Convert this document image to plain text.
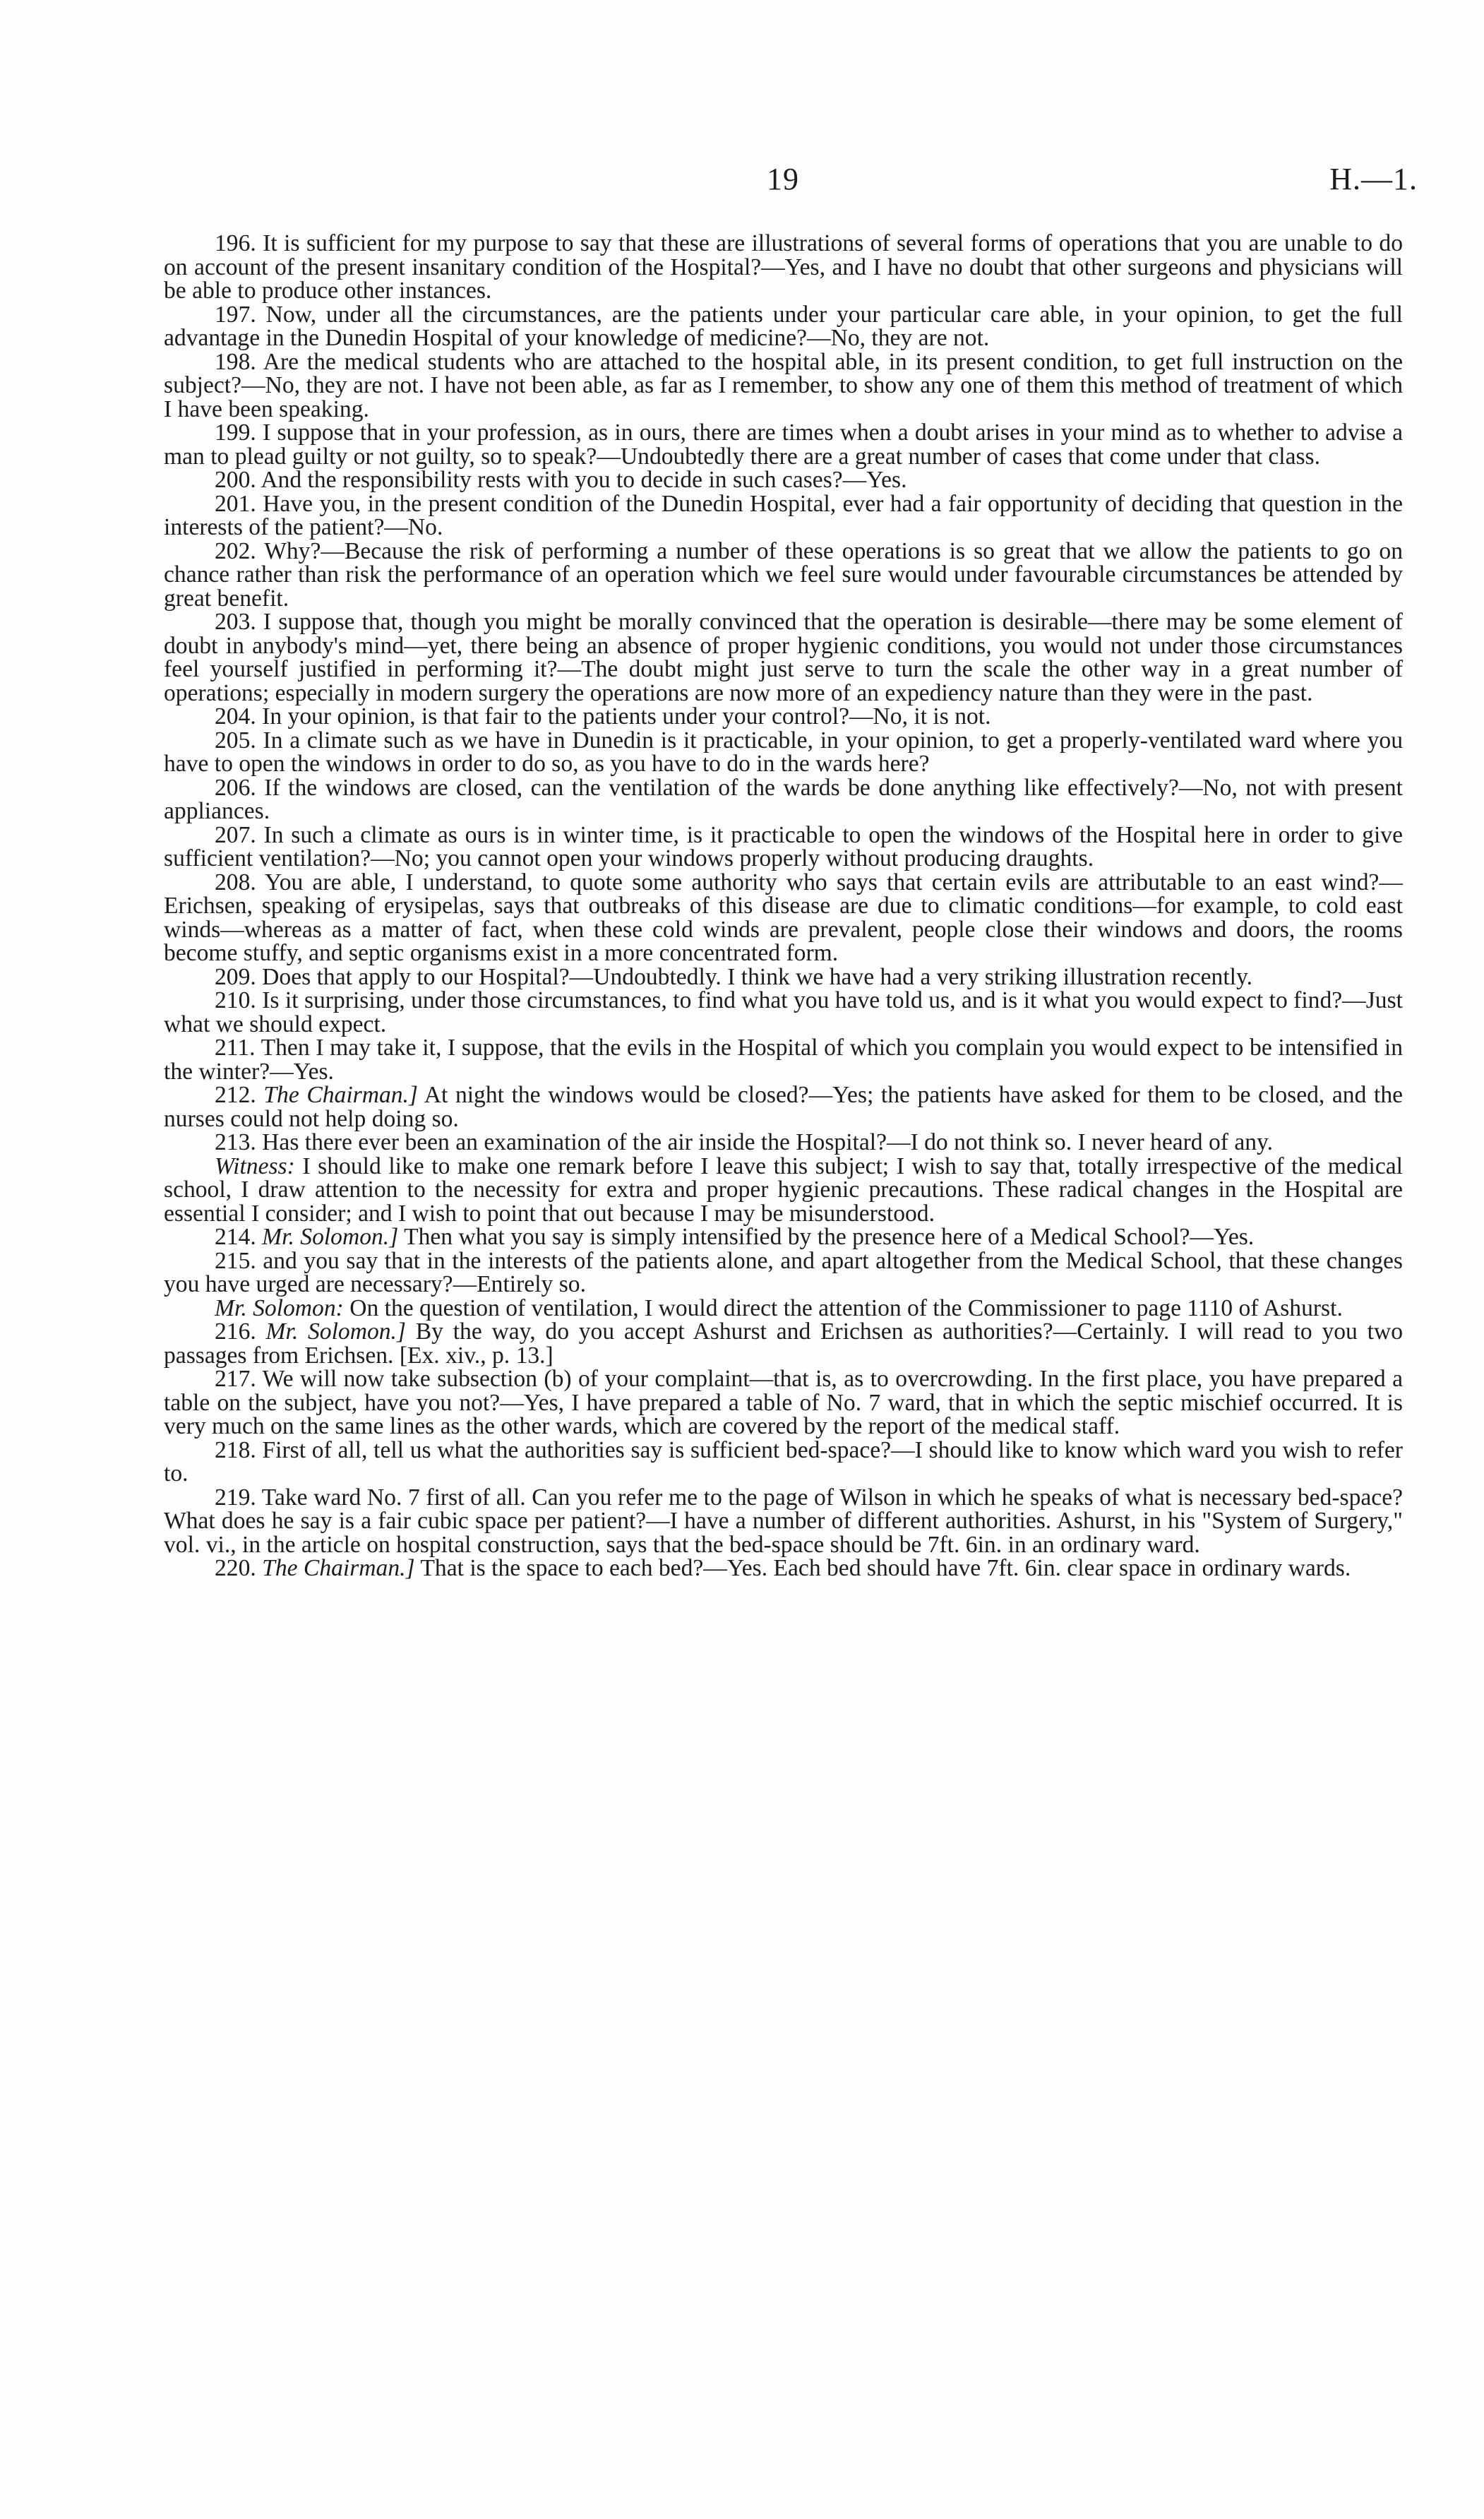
19	H.—1.

196. It is sufficient for my purpose to say that these are illustrations of several forms of operations that you are unable to do on account of the present insanitary condition of the Hospital?—Yes, and I have no doubt that other surgeons and physicians will be able to produce other instances.

197. Now, under all the circumstances, are the patients under your particular care able, in your opinion, to get the full advantage in the Dunedin Hospital of your knowledge of medicine?—No, they are not.

198. Are the medical students who are attached to the hospital able, in its present condition, to get full instruction on the subject?—No, they are not. I have not been able, as far as I remember, to show any one of them this method of treatment of which I have been speaking.

199. I suppose that in your profession, as in ours, there are times when a doubt arises in your mind as to whether to advise a man to plead guilty or not guilty, so to speak?—Undoubtedly there are a great number of cases that come under that class.

200. And the responsibility rests with you to decide in such cases?—Yes.

201. Have you, in the present condition of the Dunedin Hospital, ever had a fair opportunity of deciding that question in the interests of the patient?—No.

202. Why?—Because the risk of performing a number of these operations is so great that we allow the patients to go on chance rather than risk the performance of an operation which we feel sure would under favourable circumstances be attended by great benefit.

203. I suppose that, though you might be morally convinced that the operation is desirable—there may be some element of doubt in anybody's mind—yet, there being an absence of proper hygienic conditions, you would not under those circumstances feel yourself justified in performing it?—The doubt might just serve to turn the scale the other way in a great number of operations; especially in modern surgery the operations are now more of an expediency nature than they were in the past.

204. In your opinion, is that fair to the patients under your control?—No, it is not.

205. In a climate such as we have in Dunedin is it practicable, in your opinion, to get a properly-ventilated ward where you have to open the windows in order to do so, as you have to do in the wards here?

206. If the windows are closed, can the ventilation of the wards be done anything like effectively?—No, not with present appliances.

207. In such a climate as ours is in winter time, is it practicable to open the windows of the Hospital here in order to give sufficient ventilation?—No; you cannot open your windows properly without producing draughts.

208. You are able, I understand, to quote some authority who says that certain evils are attributable to an east wind?—Erichsen, speaking of erysipelas, says that outbreaks of this disease are due to climatic conditions—for example, to cold east winds—whereas as a matter of fact, when these cold winds are prevalent, people close their windows and doors, the rooms become stuffy, and septic organisms exist in a more concentrated form.

209. Does that apply to our Hospital?—Undoubtedly. I think we have had a very striking illustration recently.

210. Is it surprising, under those circumstances, to find what you have told us, and is it what you would expect to find?—Just what we should expect.

211. Then I may take it, I suppose, that the evils in the Hospital of which you complain you would expect to be intensified in the winter?—Yes.

212. The Chairman.] At night the windows would be closed?—Yes; the patients have asked for them to be closed, and the nurses could not help doing so.

213. Has there ever been an examination of the air inside the Hospital?—I do not think so. I never heard of any.

Witness: I should like to make one remark before I leave this subject; I wish to say that, totally irrespective of the medical school, I draw attention to the necessity for extra and proper hygienic precautions. These radical changes in the Hospital are essential I consider; and I wish to point that out because I may be misunderstood.

214. Mr. Solomon.] Then what you say is simply intensified by the presence here of a Medical School?—Yes.

215. and you say that in the interests of the patients alone, and apart altogether from the Medical School, that these changes you have urged are necessary?—Entirely so.

Mr. Solomon: On the question of ventilation, I would direct the attention of the Commissioner to page 1110 of Ashurst.

216. Mr. Solomon.] By the way, do you accept Ashurst and Erichsen as authorities?—Certainly. I will read to you two passages from Erichsen. [Ex. xiv., p. 13.]

217. We will now take subsection (b) of your complaint—that is, as to overcrowding. In the first place, you have prepared a table on the subject, have you not?—Yes, I have prepared a table of No. 7 ward, that in which the septic mischief occurred. It is very much on the same lines as the other wards, which are covered by the report of the medical staff.

218. First of all, tell us what the authorities say is sufficient bed-space?—I should like to know which ward you wish to refer to.

219. Take ward No. 7 first of all. Can you refer me to the page of Wilson in which he speaks of what is necessary bed-space? What does he say is a fair cubic space per patient?—I have a number of different authorities. Ashurst, in his "System of Surgery," vol. vi., in the article on hospital construction, says that the bed-space should be 7ft. 6in. in an ordinary ward.

220. The Chairman.] That is the space to each bed?—Yes. Each bed should have 7ft. 6in. clear space in ordinary wards.
